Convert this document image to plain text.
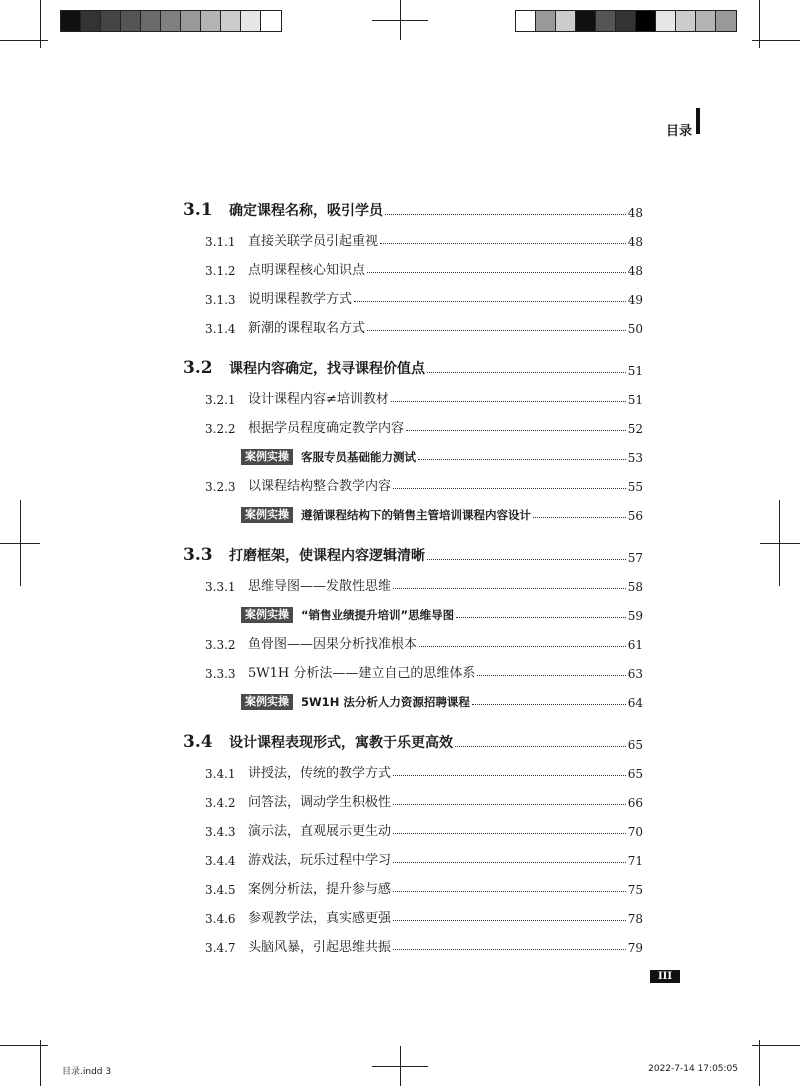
目录
3.1	确定课程名称，吸引学员	48
3.1.1 直接关联学员引起重视	48
3.1.2 点明课程核心知识点	48
3.1.3 说明课程教学方式	49
3.1.4 新潮的课程取名方式	50
3.2	课程内容确定，找寻课程价值点	51
3.2.1 设计课程内容≠培训教材	51
3.2.2 根据学员程度确定教学内容	52
案例实操	客服专员基础能力测试	53
3.2.3 以课程结构整合教学内容	55
案例实操	遵循课程结构下的销售主管培训课程内容设计	56
3.3	打磨框架，使课程内容逻辑清晰	57
3.3.1 思维导图——发散性思维	58
案例实操	“销售业绩提升培训”思维导图	59
3.3.2 鱼骨图——因果分析找准根本	61
3.3.3 5W1H 分析法——建立自己的思维体系	63
案例实操	5W1H 法分析人力资源招聘课程	64
3.4	设计课程表现形式，寓教于乐更高效	65
3.4.1 讲授法，传统的教学方式	65
3.4.2 问答法，调动学生积极性	66
3.4.3 演示法，直观展示更生动	70
3.4.4 游戏法，玩乐过程中学习	71
3.4.5 案例分析法，提升参与感	75
3.4.6 参观教学法，真实感更强	78
3.4.7 头脑风暴，引起思维共振	79
III
目录.indd 3	2022-7-14 17:05:05
